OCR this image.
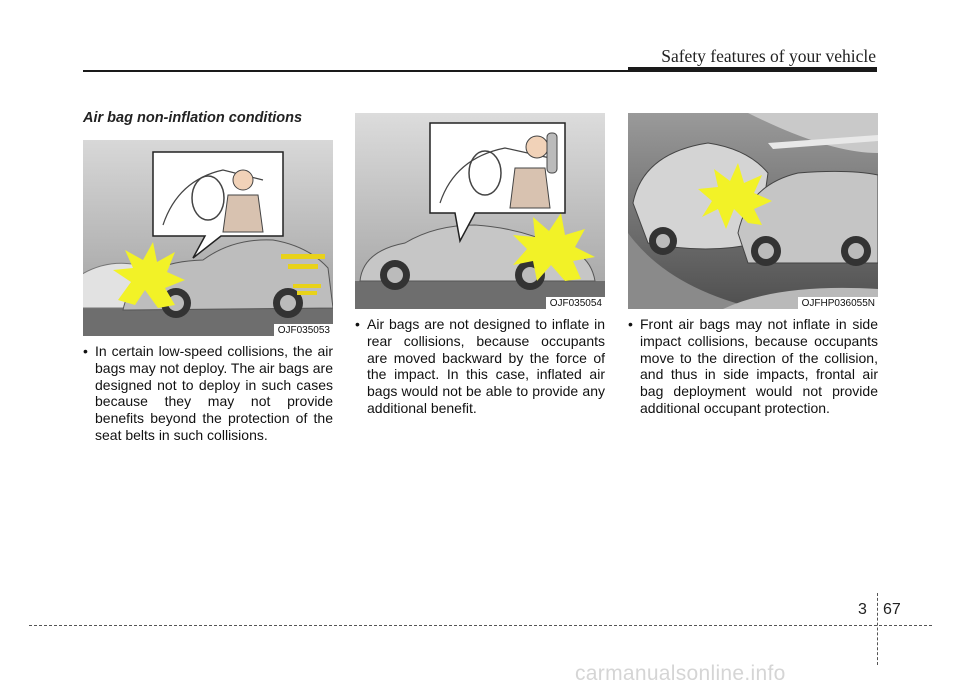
Safety features of your vehicle
Air bag non-inflation conditions
OJF035053
OJF035054	OJFHP036055N
• In certain low-speed collisions, the air bags may not deploy. The air bags are designed not to deploy in such cases because they may not provide benefits beyond the protection of the seat belts in such collisions.
• Air bags are not designed to inflate in rear collisions, because occupants are moved backward by the force of the impact. In this case, inflated air bags would not be able to provide any additional benefit.
• Front air bags may not inflate in side impact collisions, because occupants move to the direction of the collision, and thus in side impacts, frontal air bag deployment would not provide additional occupant protection.
3 67
carmanualsonline.info
